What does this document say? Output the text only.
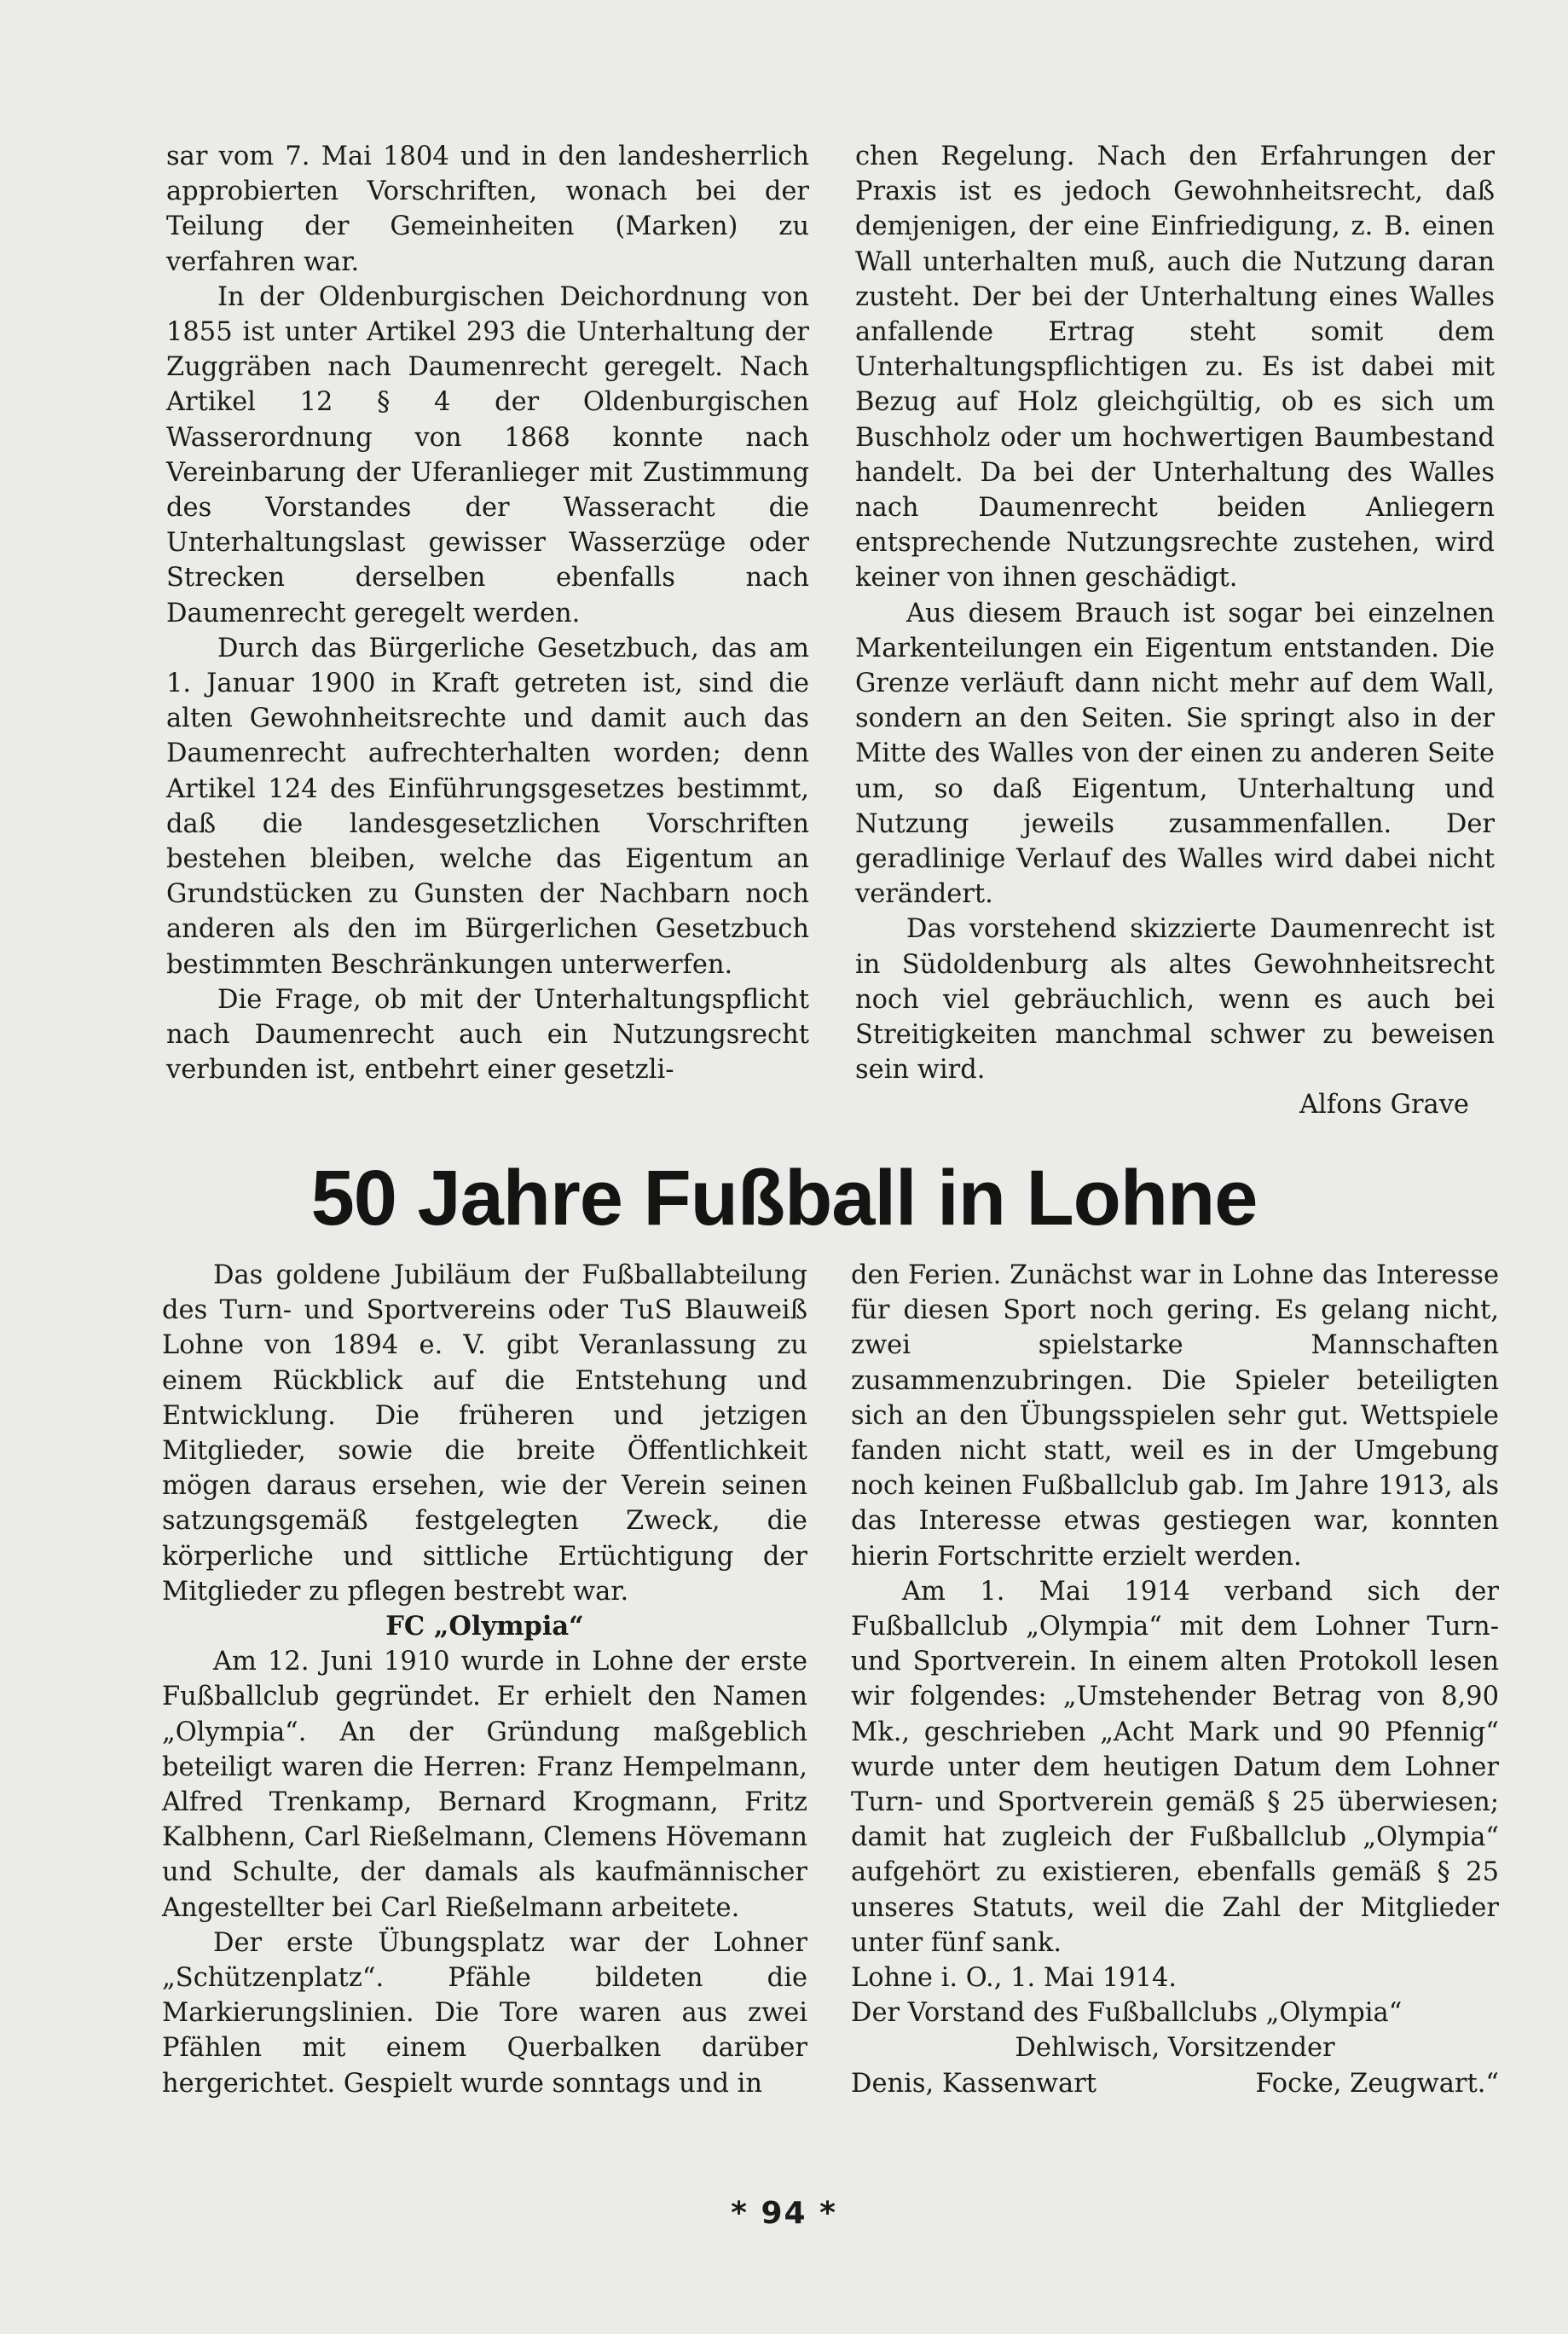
sar vom 7. Mai 1804 und in den landesherrlich approbierten Vorschriften, wonach bei der Teilung der Gemeinheiten (Marken) zu verfahren war.

In der Oldenburgischen Deichordnung von 1855 ist unter Artikel 293 die Unterhaltung der Zuggräben nach Daumenrecht geregelt. Nach Artikel 12 § 4 der Oldenburgischen Wasserordnung von 1868 konnte nach Vereinbarung der Uferanlieger mit Zustimmung des Vorstandes der Wasseracht die Unterhaltungslast gewisser Wasserzüge oder Strecken derselben ebenfalls nach Daumenrecht geregelt werden.

Durch das Bürgerliche Gesetzbuch, das am 1. Januar 1900 in Kraft getreten ist, sind die alten Gewohnheitsrechte und damit auch das Daumenrecht aufrechterhalten worden; denn Artikel 124 des Einführungsgesetzes bestimmt, daß die landesgesetzlichen Vorschriften bestehen bleiben, welche das Eigentum an Grundstücken zu Gunsten der Nachbarn noch anderen als den im Bürgerlichen Gesetzbuch bestimmten Beschränkungen unterwerfen.

Die Frage, ob mit der Unterhaltungspflicht nach Daumenrecht auch ein Nutzungsrecht verbunden ist, entbehrt einer gesetzli-

chen Regelung. Nach den Erfahrungen der Praxis ist es jedoch Gewohnheitsrecht, daß demjenigen, der eine Einfriedigung, z. B. einen Wall unterhalten muß, auch die Nutzung daran zusteht. Der bei der Unterhaltung eines Walles anfallende Ertrag steht somit dem Unterhaltungspflichtigen zu. Es ist dabei mit Bezug auf Holz gleichgültig, ob es sich um Buschholz oder um hochwertigen Baumbestand handelt. Da bei der Unterhaltung des Walles nach Daumenrecht beiden Anliegern entsprechende Nutzungsrechte zustehen, wird keiner von ihnen geschädigt.

Aus diesem Brauch ist sogar bei einzelnen Markenteilungen ein Eigentum entstanden. Die Grenze verläuft dann nicht mehr auf dem Wall, sondern an den Seiten. Sie springt also in der Mitte des Walles von der einen zu anderen Seite um, so daß Eigentum, Unterhaltung und Nutzung jeweils zusammenfallen. Der geradlinige Verlauf des Walles wird dabei nicht verändert.

Das vorstehend skizzierte Daumenrecht ist in Südoldenburg als altes Gewohnheitsrecht noch viel gebräuchlich, wenn es auch bei Streitigkeiten manchmal schwer zu beweisen sein wird.

Alfons Grave

50 Jahre Fußball in Lohne

Das goldene Jubiläum der Fußballabteilung des Turn- und Sportvereins oder TuS Blauweiß Lohne von 1894 e. V. gibt Veranlassung zu einem Rückblick auf die Entstehung und Entwicklung. Die früheren und jetzigen Mitglieder, sowie die breite Öffentlichkeit mögen daraus ersehen, wie der Verein seinen satzungsgemäß festgelegten Zweck, die körperliche und sittliche Ertüchtigung der Mitglieder zu pflegen bestrebt war.

FC „Olympia“

Am 12. Juni 1910 wurde in Lohne der erste Fußballclub gegründet. Er erhielt den Namen „Olympia“. An der Gründung maßgeblich beteiligt waren die Herren: Franz Hempelmann, Alfred Trenkamp, Bernard Krogmann, Fritz Kalbhenn, Carl Rießelmann, Clemens Hövemann und Schulte, der damals als kaufmännischer Angestellter bei Carl Rießelmann arbeitete.

Der erste Übungsplatz war der Lohner „Schützenplatz“. Pfähle bildeten die Markierungslinien. Die Tore waren aus zwei Pfählen mit einem Querbalken darüber hergerichtet. Gespielt wurde sonntags und in

den Ferien. Zunächst war in Lohne das Interesse für diesen Sport noch gering. Es gelang nicht, zwei spielstarke Mannschaften zusammenzubringen. Die Spieler beteiligten sich an den Übungsspielen sehr gut. Wettspiele fanden nicht statt, weil es in der Umgebung noch keinen Fußballclub gab. Im Jahre 1913, als das Interesse etwas gestiegen war, konnten hierin Fortschritte erzielt werden.

Am 1. Mai 1914 verband sich der Fußballclub „Olympia“ mit dem Lohner Turn- und Sportverein. In einem alten Protokoll lesen wir folgendes: „Umstehender Betrag von 8,90 Mk., geschrieben „Acht Mark und 90 Pfennig“ wurde unter dem heutigen Datum dem Lohner Turn- und Sportverein gemäß § 25 überwiesen; damit hat zugleich der Fußballclub „Olympia“ aufgehört zu existieren, ebenfalls gemäß § 25 unseres Statuts, weil die Zahl der Mitglieder unter fünf sank.

Lohne i. O., 1. Mai 1914.

Der Vorstand des Fußballclubs „Olympia“

Dehlwisch, Vorsitzender

Denis, Kassenwart	Focke, Zeugwart.“
* 94 *
